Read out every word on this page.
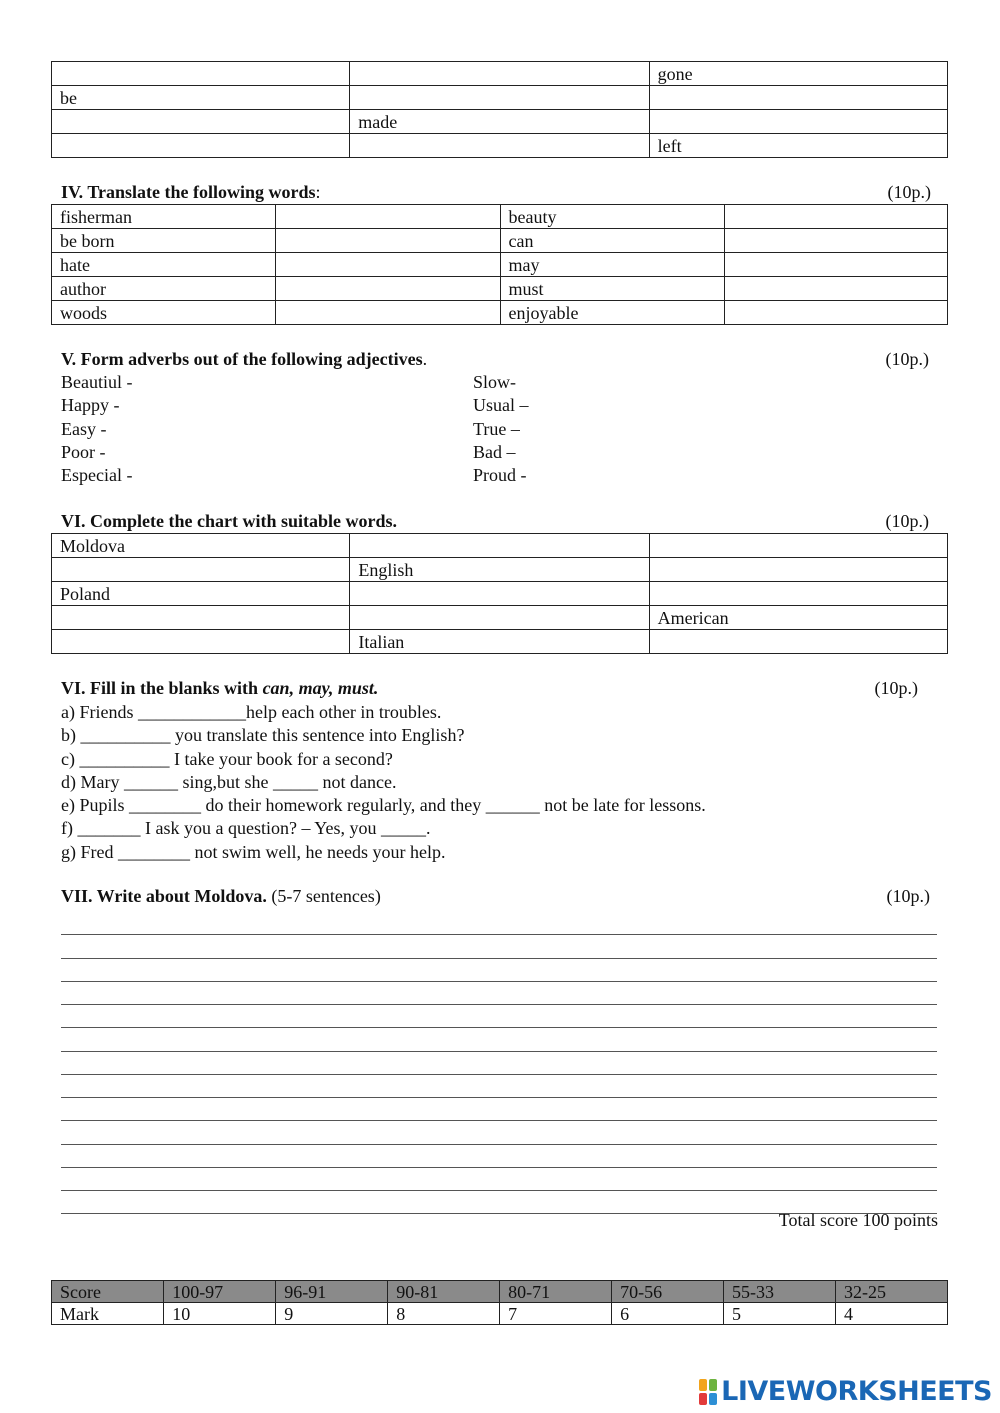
		gone
be		
	made	
		left
IV. Translate the following words:	(10p.)
fisherman		beauty	
be born		can	
hate		may	
author		must	
woods		enjoyable	
V. Form adverbs out of the following adjectives.	(10p.)
Beautiul -
Happy -
Easy -
Poor -
Especial -
Slow-
Usual –
True –
Bad –
Proud -
VI. Complete the chart with suitable words.	(10p.)
Moldova		
	English	
Poland		
		American
	Italian	
VI. Fill in the blanks with can, may, must.	(10p.)
a) Friends ____________help each other in troubles.
b) __________ you translate this sentence into English?
c) __________ I take your book for a second?
d) Mary ______ sing,but she _____ not dance.
e) Pupils ________ do their homework regularly, and they ______ not be late for lessons.
f) _______ I ask you a question? – Yes, you _____.
g) Fred ________ not swim well, he needs your help.
VII. Write about Moldova. (5-7 sentences)	(10p.)
Total score 100 points
Score	100-97	96-91	90-81	80-71	70-56	55-33	32-25
Mark	10	9	8	7	6	5	4
LIVEWORKSHEETS
